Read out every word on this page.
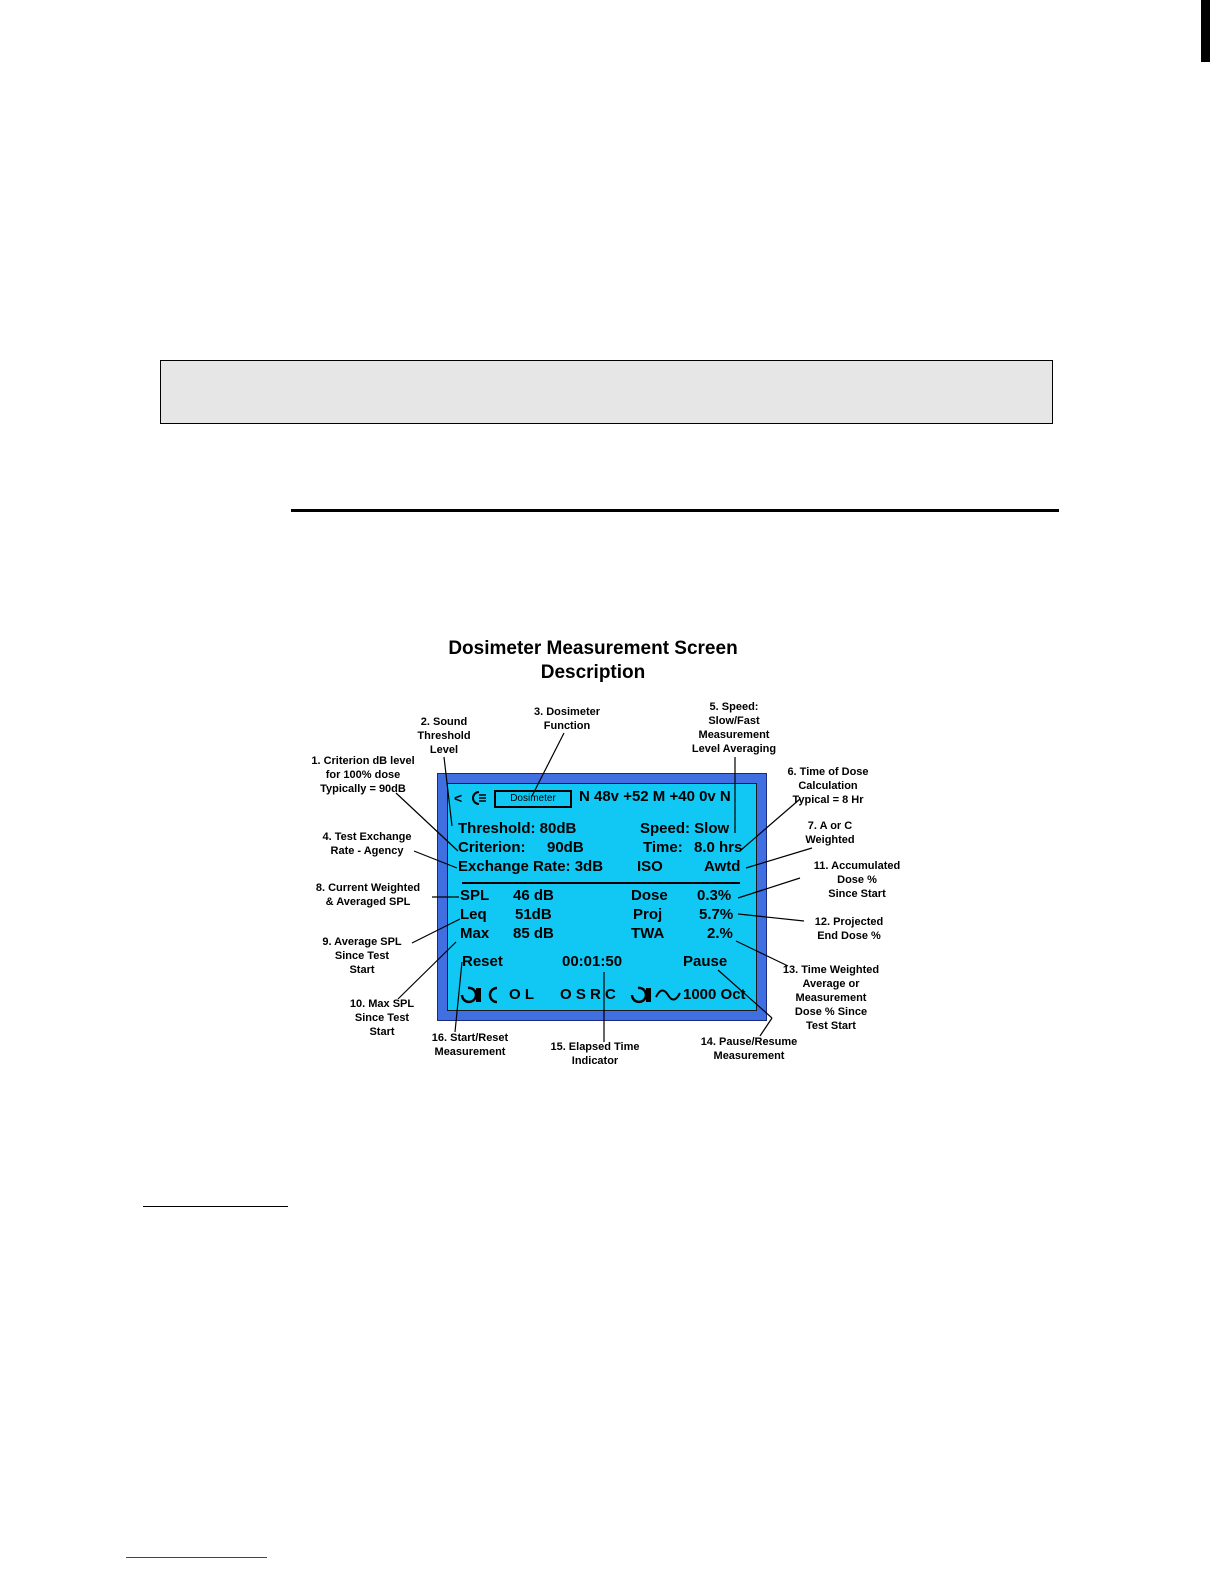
Dosimeter Measurement Screen
Description
<	Dosimeter	N 48v +52 M +40 0v N
Threshold: 80dB	Speed: Slow
Criterion: 90dB	Time: 8.0 hrs
Exchange Rate: 3dB ISO	Awtd
SPL 46 dB	Dose 0.3%
Leq 51dB	Proj 5.7%
Max 85 dB	TWA	2.%
Reset	00:01:50	Pause
O L O S R C	1000 Oct
1. Criterion dB level
for 100% dose
Typically = 90dB
2. Sound
Threshold
Level
3. Dosimeter
Function
4. Test Exchange
Rate - Agency
5. Speed:
Slow/Fast
Measurement
Level Averaging
6. Time of Dose
Calculation
Typical = 8 Hr
7. A or C
Weighted
8. Current Weighted
& Averaged SPL
9. Average SPL
Since Test
Start
10. Max SPL
Since Test
Start
11. Accumulated
Dose %
Since Start
12. Projected
End Dose %
13. Time Weighted
Average or
Measurement
Dose % Since
Test Start
14. Pause/Resume
Measurement
15. Elapsed Time
Indicator
16. Start/Reset
Measurement
